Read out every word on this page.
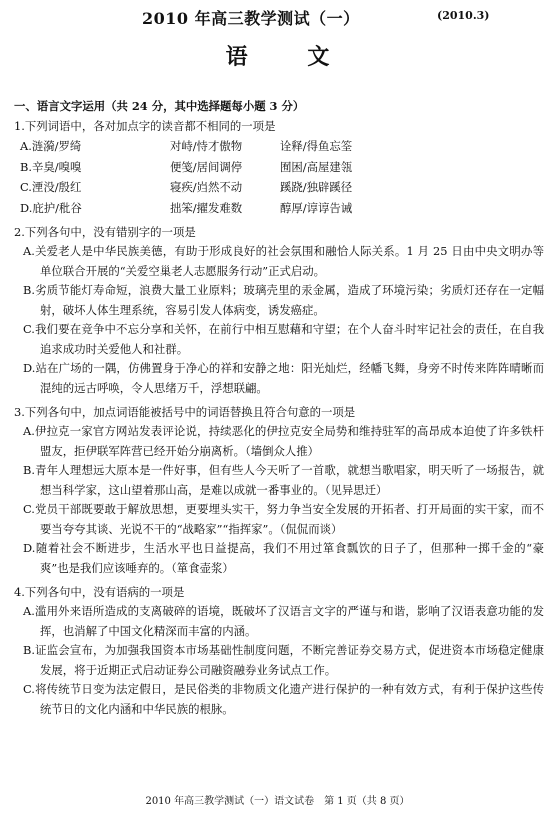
2010 年高三教学测试（一）	(2010.3)
语 文
一、语言文字运用（共 24 分，其中选择题每小题 3 分）
1.下列词语中，各对加点字的读音都不相同的一项是
A.涟漪/罗绮	对峙/恃才傲物	诠释/得鱼忘筌
B.辛臭/嗅嗅	便笺/居间调停	囿困/高屋建瓴
C.湮没/殷红	寝疾/岿然不动	蹊跷/独辟蹊径
D.庇护/秕谷	拙笨/擢发难数	醇厚/谆谆告诫
2.下列各句中，没有错别字的一项是
A.关爱老人是中华民族美德，有助于形成良好的社会氛围和融恰人际关系。1 月 25 日由中央文明办等单位联合开展的“关爱空巢老人志愿服务行动”正式启动。
B.劣质节能灯寿命短，浪费大量工业原料；玻璃壳里的汞金属，造成了环境污染；劣质灯还存在一定幅射，破坏人体生理系统，容易引发人体病变，诱发癌症。
C.我们要在竞争中不忘分享和关怀，在前行中相互慰藉和守望；在个人奋斗时牢记社会的责任，在自我追求成功时关爱他人和社群。
D.站在广场的一隅，仿佛置身于净心的祥和安静之地：阳光灿烂，经幡飞舞，身旁不时传来阵阵晴晰而混纯的远古呼唤，令人思绪万千，浮想联翩。
3.下列各句中，加点词语能被括号中的词语替换且符合句意的一项是
A.伊拉克一家官方网站发表评论说，持续恶化的伊拉克安全局势和维持驻军的高昂成本迫使了许多铁杆盟友，拒伊联军阵营已经开始分崩离析。（墙倒众人推）
B.青年人理想远大原本是一件好事，但有些人今天听了一首歌，就想当歌唱家，明天听了一场报告，就想当科学家，这山望着那山高，是难以成就一番事业的。（见异思迁）
C.党员干部既要敢于解放思想，更要埋头实干，努力争当安全发展的开拓者、打开局面的实干家，而不要当夸夸其谈、光说不干的“战略家”“指挥家”。（侃侃而谈）
D.随着社会不断进步，生活水平也日益提高，我们不用过箪食瓢饮的日子了，但那种一掷千金的“豪爽”也是我们应该唾弃的。（箪食壶浆）
4.下列各句中，没有语病的一项是
A.滥用外来语所造成的支离破碎的语境，既破坏了汉语言文字的严谨与和谐，影响了汉语表意功能的发挥，也消解了中国文化精深而丰富的内涵。
B.证监会宣布，为加强我国资本市场基础性制度问题，不断完善证券交易方式，促进资本市场稳定健康发展，将于近期正式启动证券公司融资融券业务试点工作。
C.将传统节日变为法定假日，是民俗类的非物质文化遗产进行保护的一种有效方式，有利于保护这些传统节日的文化内涵和中华民族的根脉。
2010 年高三教学测试（一）语文试卷　第 1 页（共 8 页）
